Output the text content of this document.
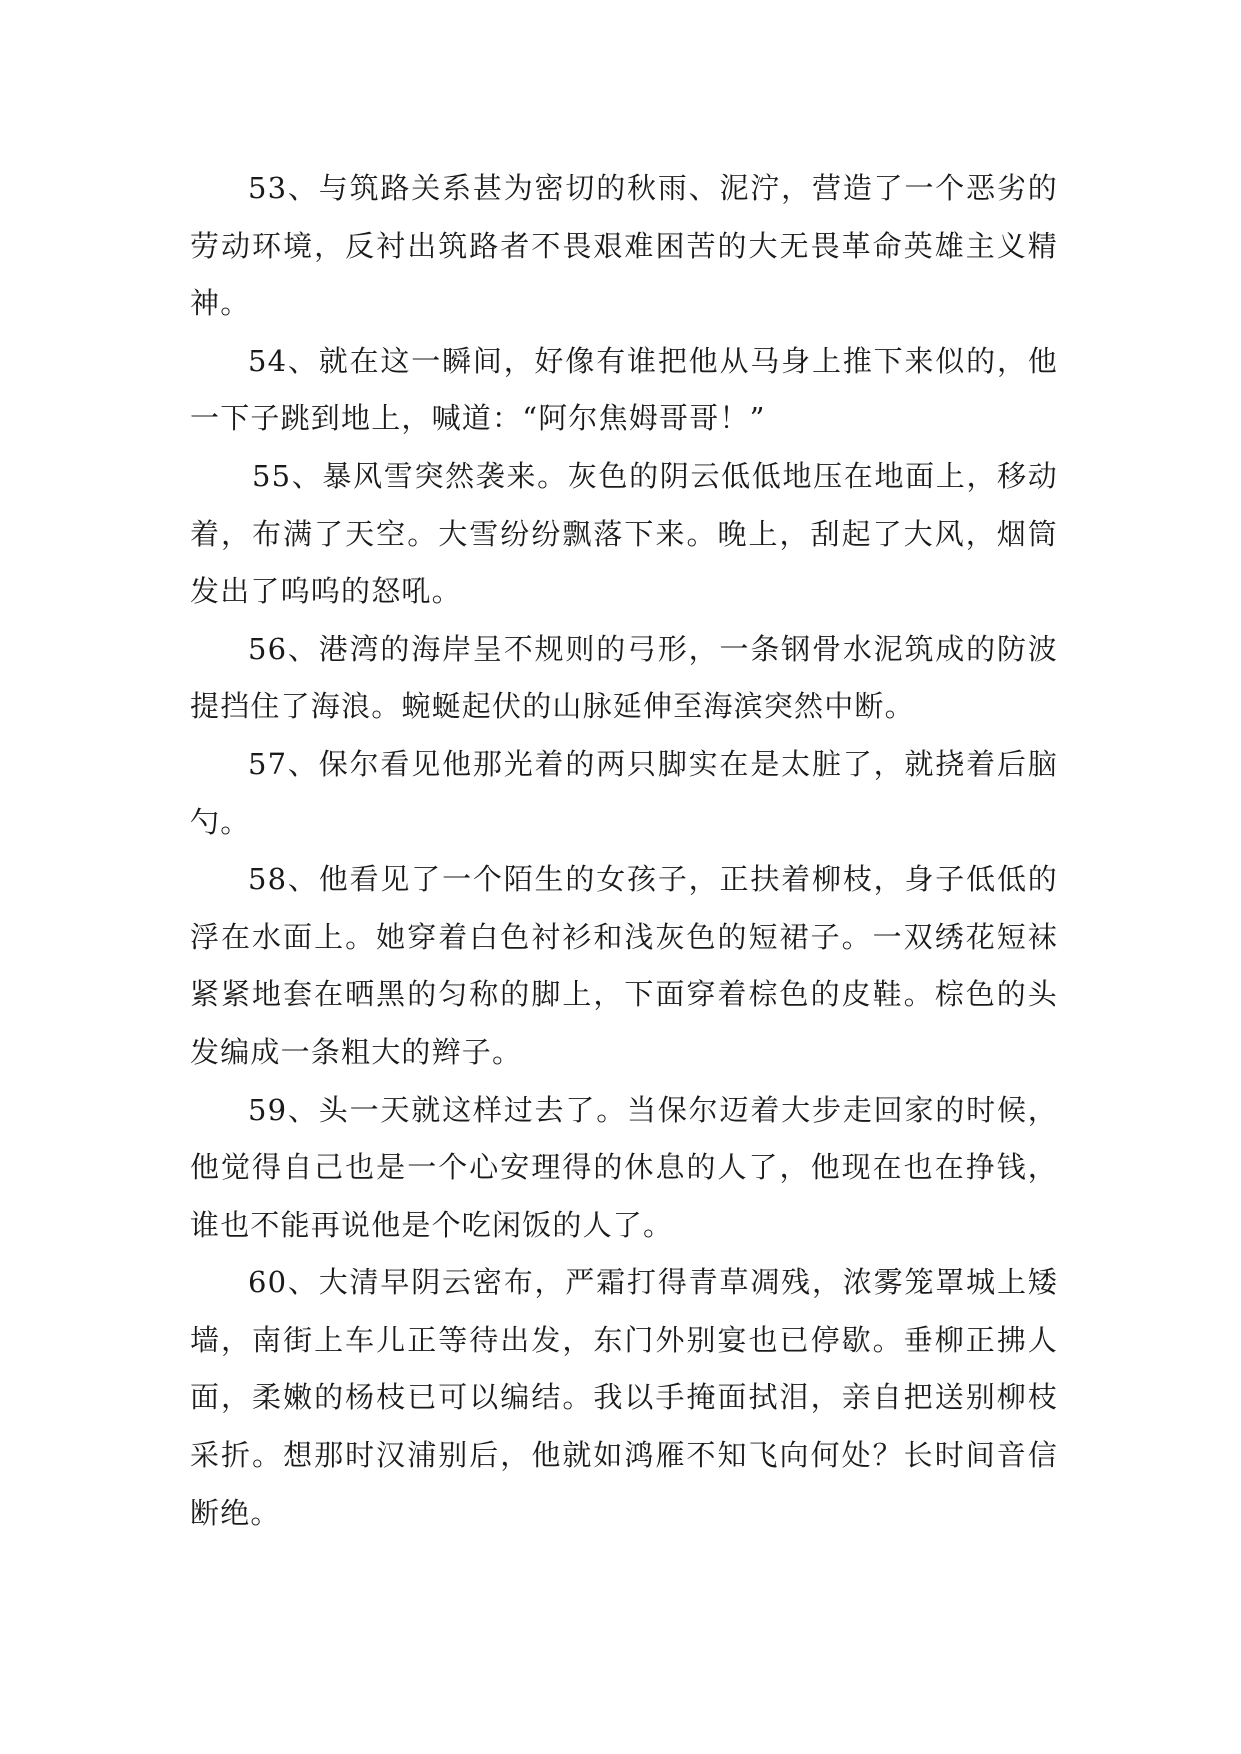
53、与筑路关系甚为密切的秋雨、泥泞，营造了一个恶劣的劳动环境，反衬出筑路者不畏艰难困苦的大无畏革命英雄主义精神。

54、就在这一瞬间，好像有谁把他从马身上推下来似的，他一下子跳到地上，喊道：“阿尔焦姆哥哥！”

55、暴风雪突然袭来。灰色的阴云低低地压在地面上，移动着，布满了天空。大雪纷纷飘落下来。晚上，刮起了大风，烟筒发出了呜呜的怒吼。

56、港湾的海岸呈不规则的弓形，一条钢骨水泥筑成的防波提挡住了海浪。蜿蜒起伏的山脉延伸至海滨突然中断。

57、保尔看见他那光着的两只脚实在是太脏了，就挠着后脑勺。

58、他看见了一个陌生的女孩子，正扶着柳枝，身子低低的浮在水面上。她穿着白色衬衫和浅灰色的短裙子。一双绣花短袜紧紧地套在晒黑的匀称的脚上，下面穿着棕色的皮鞋。棕色的头发编成一条粗大的辫子。

59、头一天就这样过去了。当保尔迈着大步走回家的时候，他觉得自己也是一个心安理得的休息的人了，他现在也在挣钱，谁也不能再说他是个吃闲饭的人了。

60、大清早阴云密布，严霜打得青草凋残，浓雾笼罩城上矮墙，南街上车儿正等待出发，东门外别宴也已停歇。垂柳正拂人面，柔嫩的杨枝已可以编结。我以手掩面拭泪，亲自把送别柳枝采折。想那时汉浦别后，他就如鸿雁不知飞向何处？长时间音信断绝。
